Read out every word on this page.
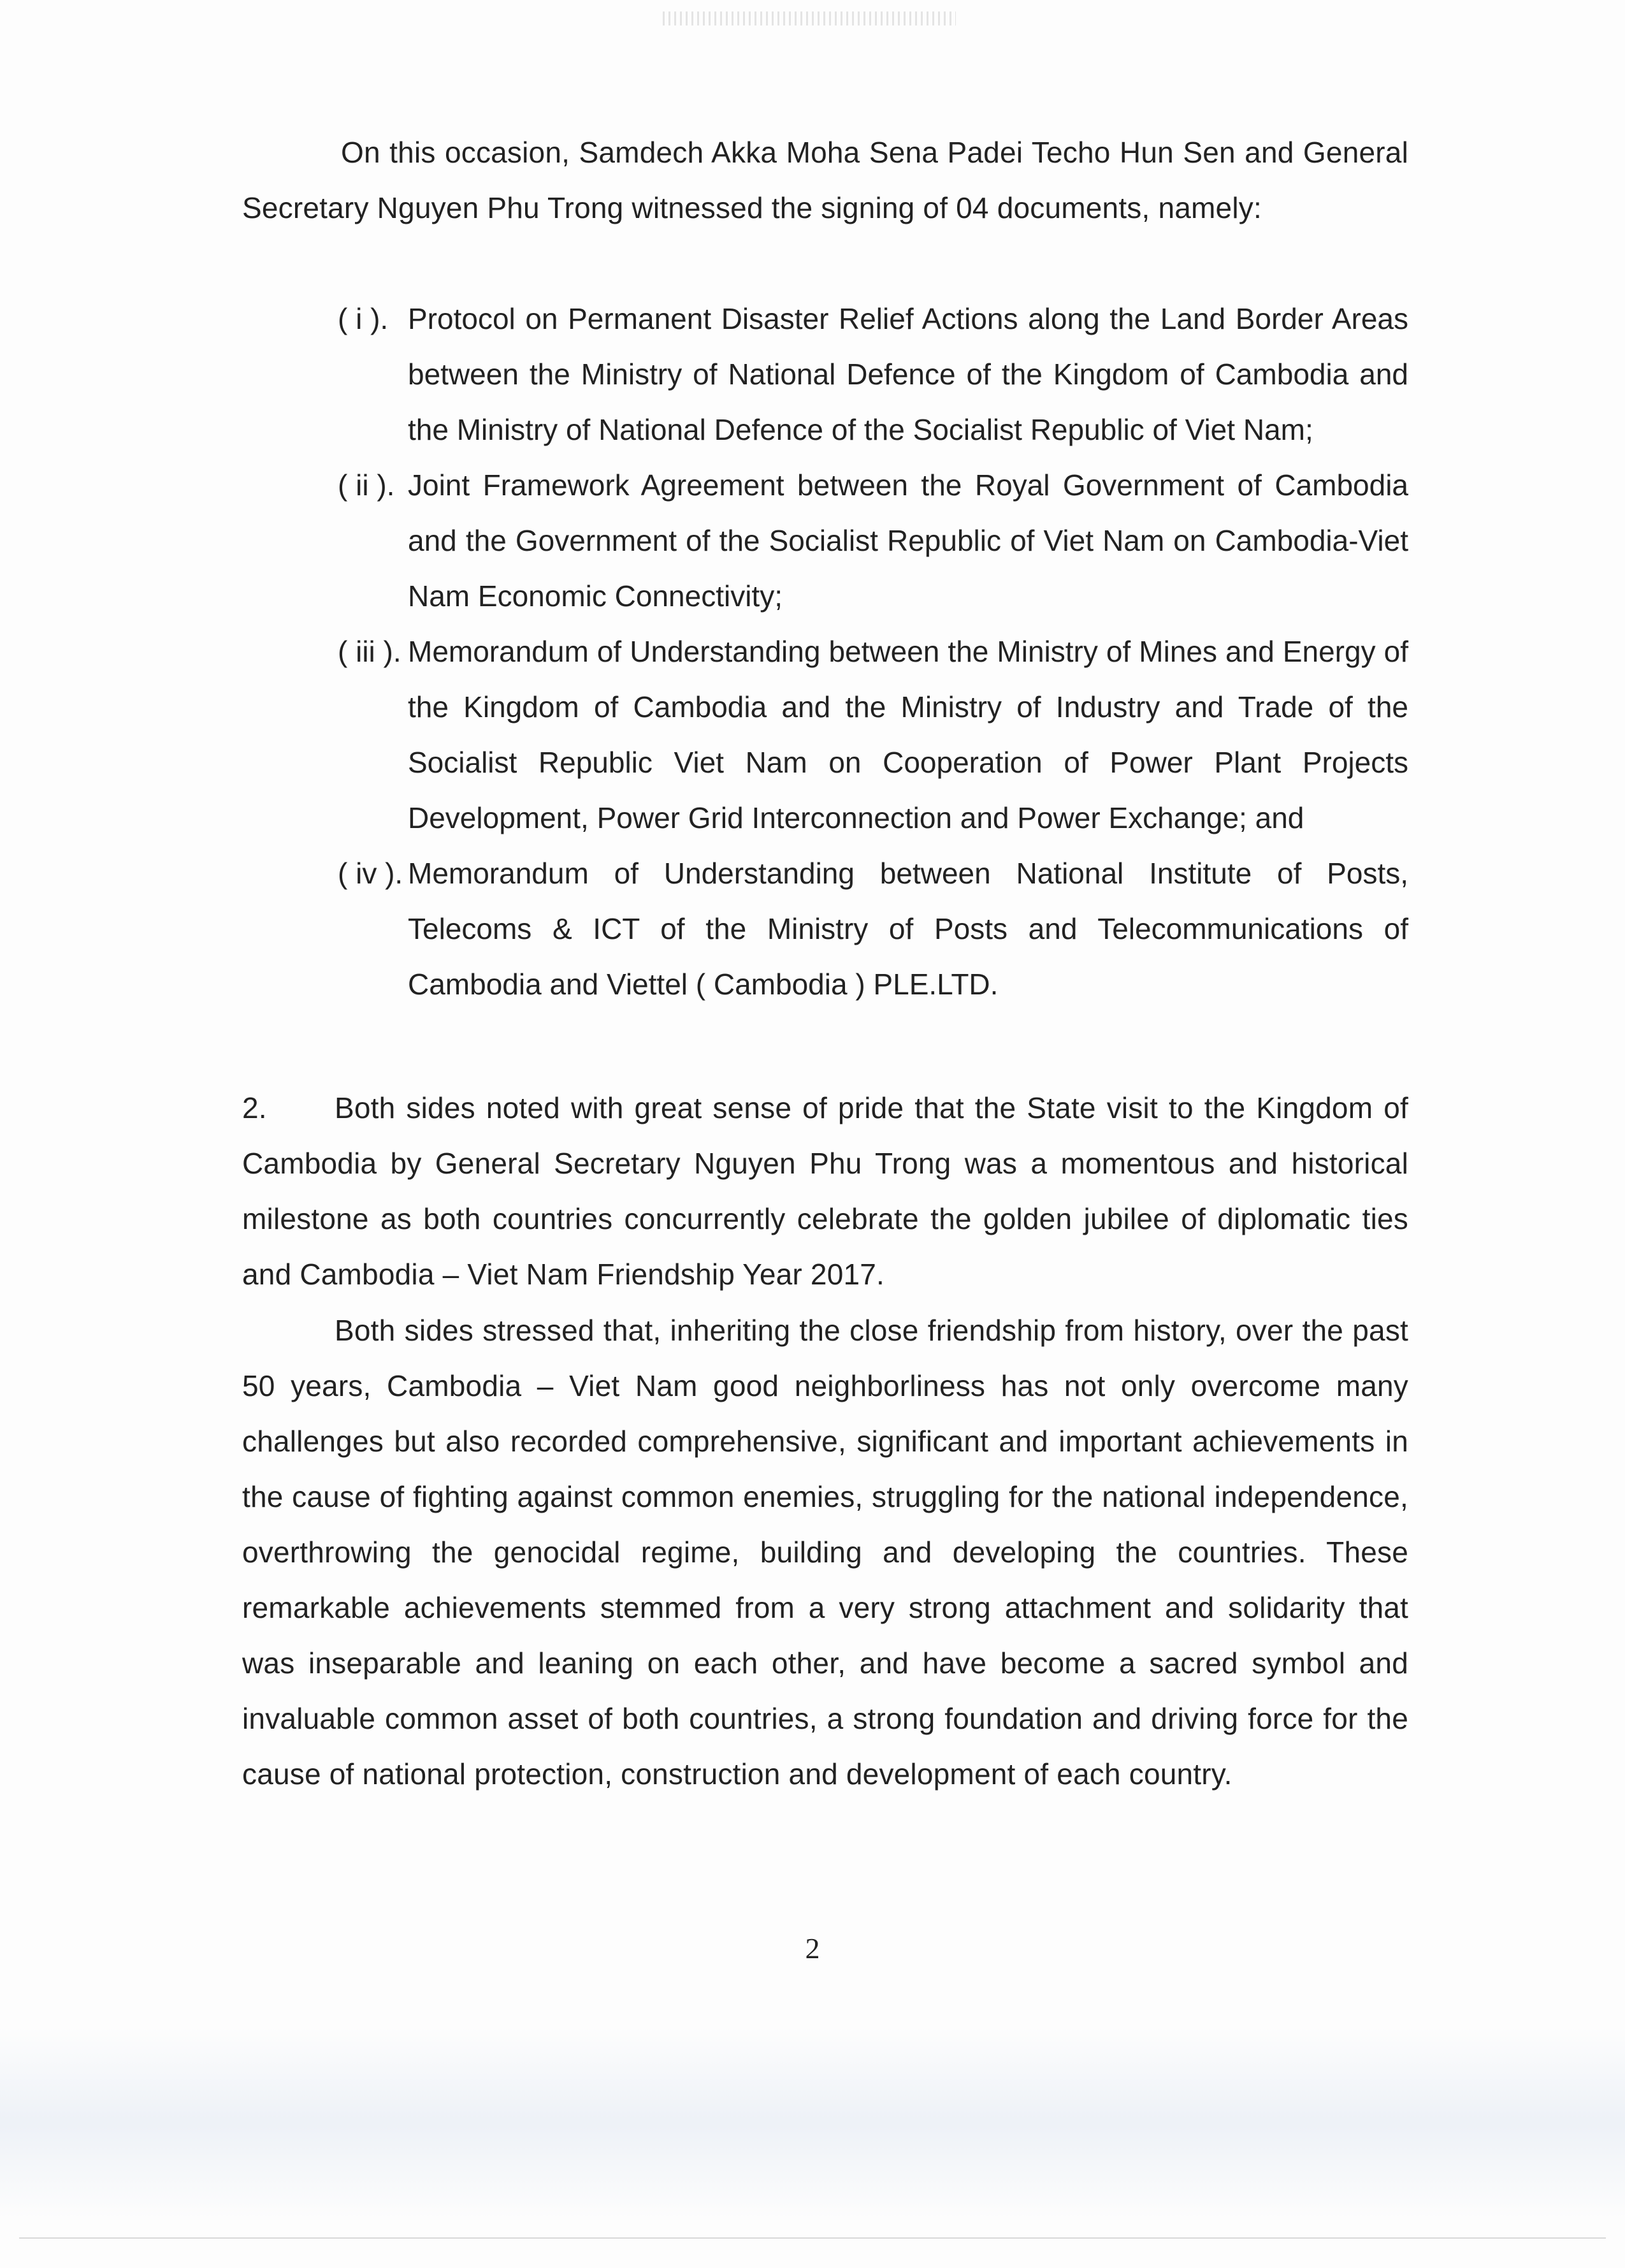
On this occasion, Samdech Akka Moha Sena Padei Techo Hun Sen and General Secretary Nguyen Phu Trong witnessed the signing of 04 documents, namely:

( i ). Protocol on Permanent Disaster Relief Actions along the Land Border Areas between the Ministry of National Defence of the Kingdom of Cambodia and the Ministry of National Defence of the Socialist Republic of Viet Nam;
( ii ). Joint Framework Agreement between the Royal Government of Cambodia and the Government of the Socialist Republic of Viet Nam on Cambodia-Viet Nam Economic Connectivity;
( iii ). Memorandum of Understanding between the Ministry of Mines and Energy of the Kingdom of Cambodia and the Ministry of Industry and Trade of the Socialist Republic Viet Nam on Cooperation of Power Plant Projects Development, Power Grid Interconnection and Power Exchange; and
( iv ). Memorandum of Understanding between National Institute of Posts, Telecoms & ICT of the Ministry of Posts and Telecommunications of Cambodia and Viettel ( Cambodia ) PLE.LTD.

2. Both sides noted with great sense of pride that the State visit to the Kingdom of Cambodia by General Secretary Nguyen Phu Trong was a momentous and historical milestone as both countries concurrently celebrate the golden jubilee of diplomatic ties and Cambodia – Viet Nam Friendship Year 2017.

Both sides stressed that, inheriting the close friendship from history, over the past 50 years, Cambodia – Viet Nam good neighborliness has not only overcome many challenges but also recorded comprehensive, significant and important achievements in the cause of fighting against common enemies, struggling for the national independence, overthrowing the genocidal regime, building and developing the countries. These remarkable achievements stemmed from a very strong attachment and solidarity that was inseparable and leaning on each other, and have become a sacred symbol and invaluable common asset of both countries, a strong foundation and driving force for the cause of national protection, construction and development of each country.

2
